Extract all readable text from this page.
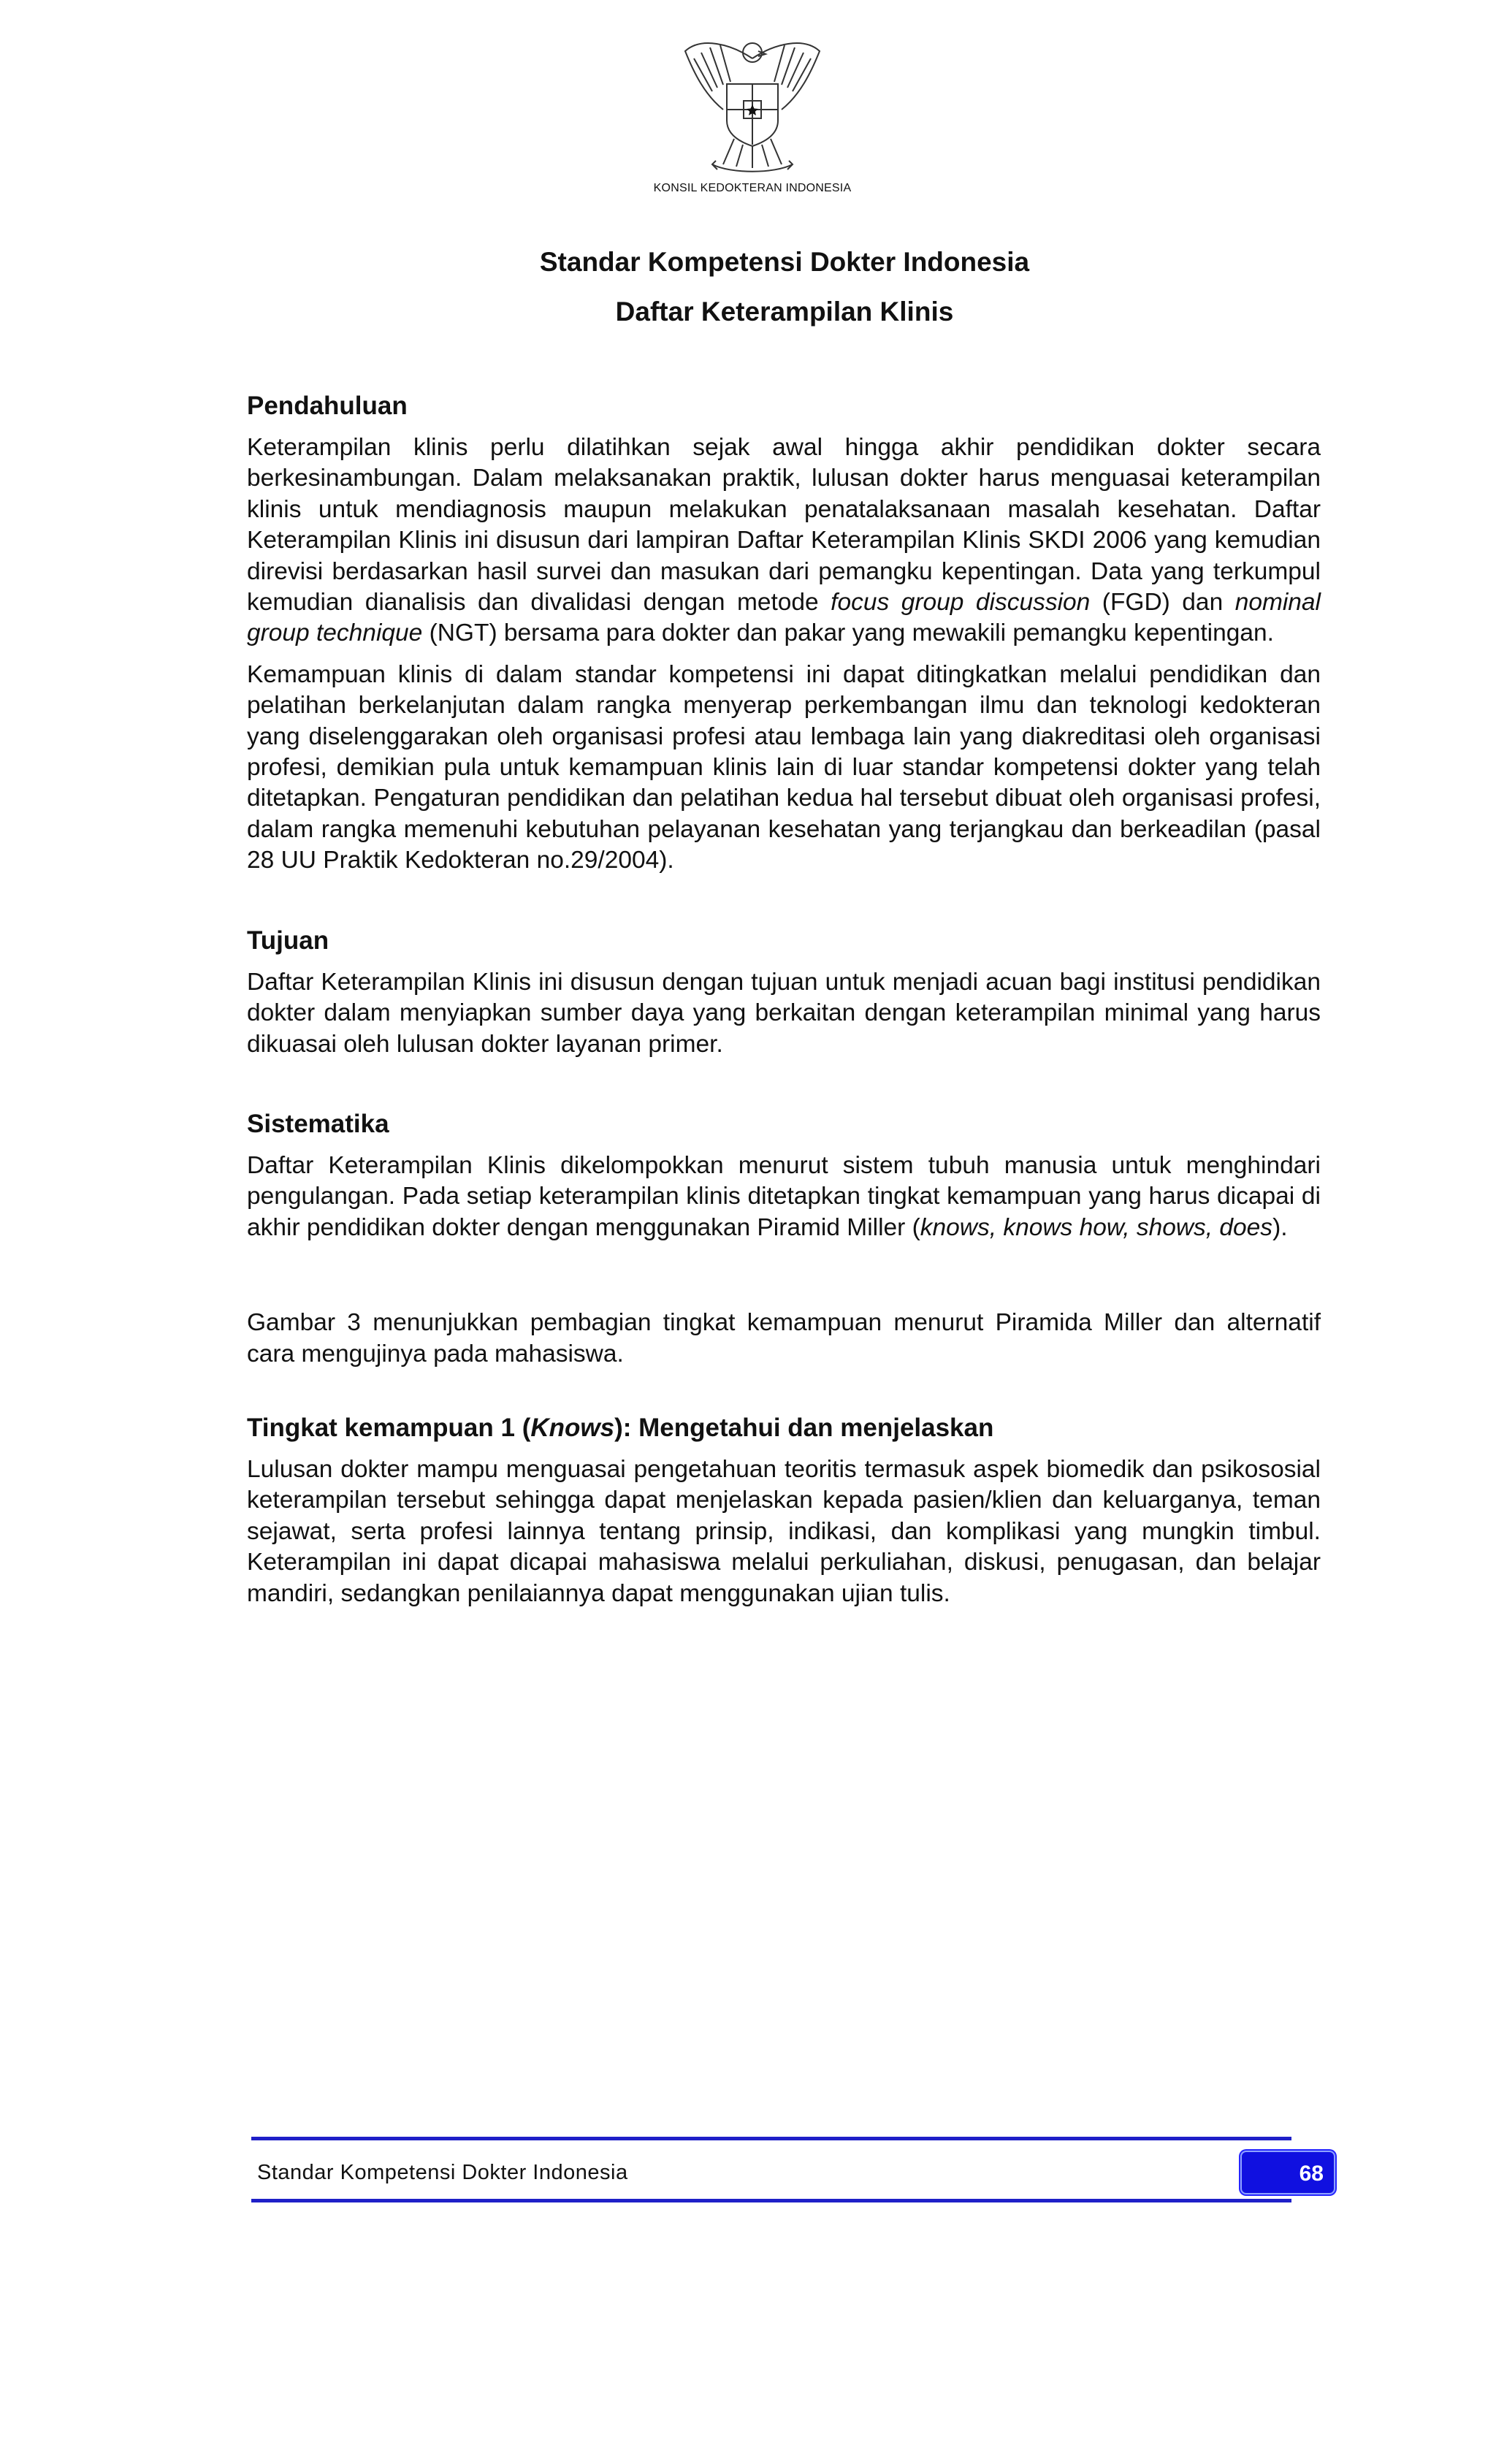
KONSIL KEDOKTERAN INDONESIA
Standar Kompetensi Dokter Indonesia
Daftar Keterampilan Klinis
Pendahuluan

Keterampilan klinis perlu dilatihkan sejak awal hingga akhir pendidikan dokter secara berkesinambungan. Dalam melaksanakan praktik, lulusan dokter harus menguasai keterampilan klinis untuk mendiagnosis maupun melakukan penatalaksanaan masalah kesehatan. Daftar Keterampilan Klinis ini disusun dari lampiran Daftar Keterampilan Klinis SKDI 2006 yang kemudian direvisi berdasarkan hasil survei dan masukan dari pemangku kepentingan. Data yang terkumpul kemudian dianalisis dan divalidasi dengan metode focus group discussion (FGD) dan nominal group technique (NGT) bersama para dokter dan pakar yang mewakili pemangku kepentingan.

Kemampuan klinis di dalam standar kompetensi ini dapat ditingkatkan melalui pendidikan dan pelatihan berkelanjutan dalam rangka menyerap perkembangan ilmu dan teknologi kedokteran yang diselenggarakan oleh organisasi profesi atau lembaga lain yang diakreditasi oleh organisasi profesi, demikian pula untuk kemampuan klinis lain di luar standar kompetensi dokter yang telah ditetapkan. Pengaturan pendidikan dan pelatihan kedua hal tersebut dibuat oleh organisasi profesi, dalam rangka memenuhi kebutuhan pelayanan kesehatan yang terjangkau dan berkeadilan (pasal 28 UU Praktik Kedokteran no.29/2004).

Tujuan

Daftar Keterampilan Klinis ini disusun dengan tujuan untuk menjadi acuan bagi institusi pendidikan dokter dalam menyiapkan sumber daya yang berkaitan dengan keterampilan minimal yang harus dikuasai oleh lulusan dokter layanan primer.

Sistematika

Daftar Keterampilan Klinis dikelompokkan menurut sistem tubuh manusia untuk menghindari pengulangan. Pada setiap keterampilan klinis ditetapkan tingkat kemampuan yang harus dicapai di akhir pendidikan dokter dengan menggunakan Piramid Miller (knows, knows how, shows, does).

Gambar 3 menunjukkan pembagian tingkat kemampuan menurut Piramida Miller dan alternatif cara mengujinya pada mahasiswa.

Tingkat kemampuan 1 (Knows): Mengetahui dan menjelaskan

Lulusan dokter mampu menguasai pengetahuan teoritis termasuk aspek biomedik dan psikososial keterampilan tersebut sehingga dapat menjelaskan kepada pasien/klien dan keluarganya, teman sejawat, serta profesi lainnya tentang prinsip, indikasi, dan komplikasi yang mungkin timbul. Keterampilan ini dapat dicapai mahasiswa melalui perkuliahan, diskusi, penugasan, dan belajar mandiri, sedangkan penilaiannya dapat menggunakan ujian tulis.

Standar Kompetensi Dokter Indonesia	68
